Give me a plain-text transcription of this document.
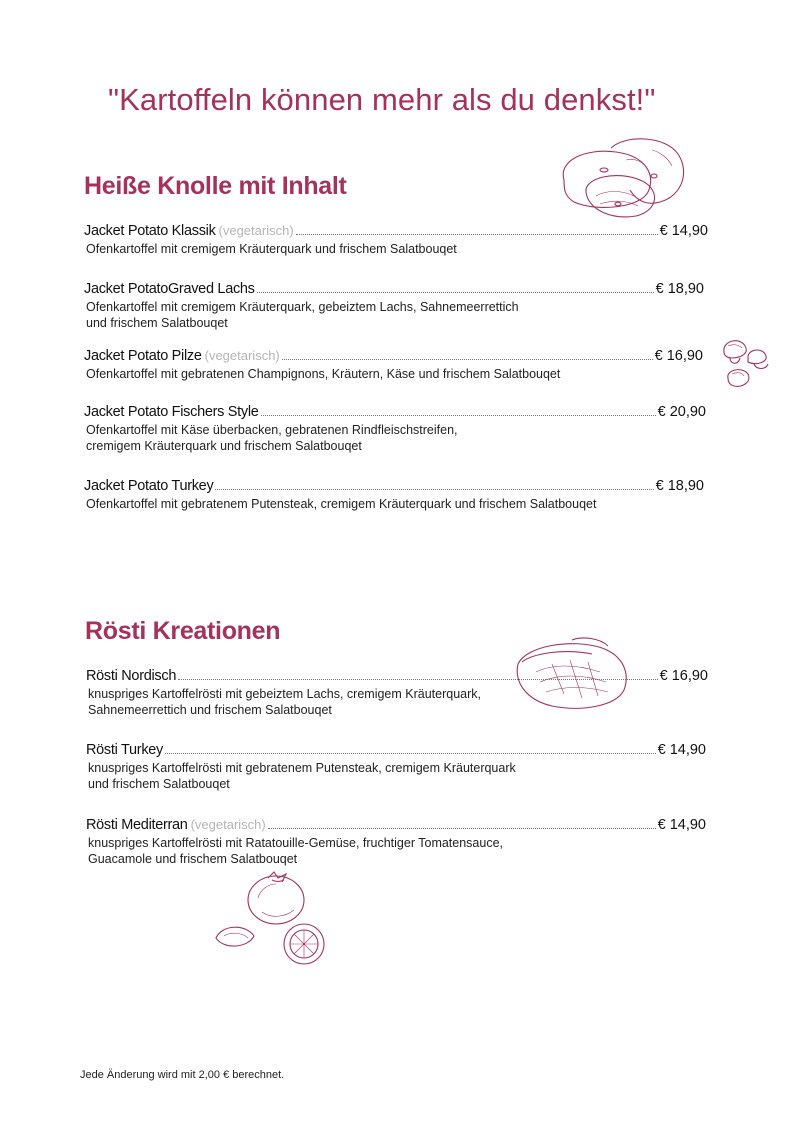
"Kartoffeln können mehr als du denkst!"
Heiße Knolle mit Inhalt
Jacket Potato Klassik (vegetarisch)	€ 14,90
Ofenkartoffel mit cremigem Kräuterquark und frischem Salatbouqet
Jacket PotatoGraved Lachs	€ 18,90
Ofenkartoffel mit cremigem Kräuterquark, gebeiztem Lachs, Sahnemeerrettich
und frischem Salatbouqet
Jacket Potato Pilze (vegetarisch)	€ 16,90
Ofenkartoffel mit gebratenen Champignons, Kräutern, Käse und frischem Salatbouqet
Jacket Potato Fischers Style	€ 20,90
Ofenkartoffel mit Käse überbacken, gebratenen Rindfleischstreifen,
cremigem Kräuterquark und frischem Salatbouqet
Jacket Potato Turkey	€ 18,90
Ofenkartoffel mit gebratenem Putensteak, cremigem Kräuterquark und frischem Salatbouqet
Rösti Kreationen
Rösti Nordisch	€ 16,90
knuspriges Kartoffelrösti mit gebeiztem Lachs, cremigem Kräuterquark,
Sahnemeerrettich und frischem Salatbouqet
Rösti Turkey	€ 14,90
knuspriges Kartoffelrösti mit gebratenem Putensteak, cremigem Kräuterquark
und frischem Salatbouqet
Rösti Mediterran (vegetarisch)	€ 14,90
knuspriges Kartoffelrösti mit Ratatouille-Gemüse, fruchtiger Tomatensauce,
Guacamole und frischem Salatbouqet
Jede Änderung wird mit 2,00 € berechnet.
